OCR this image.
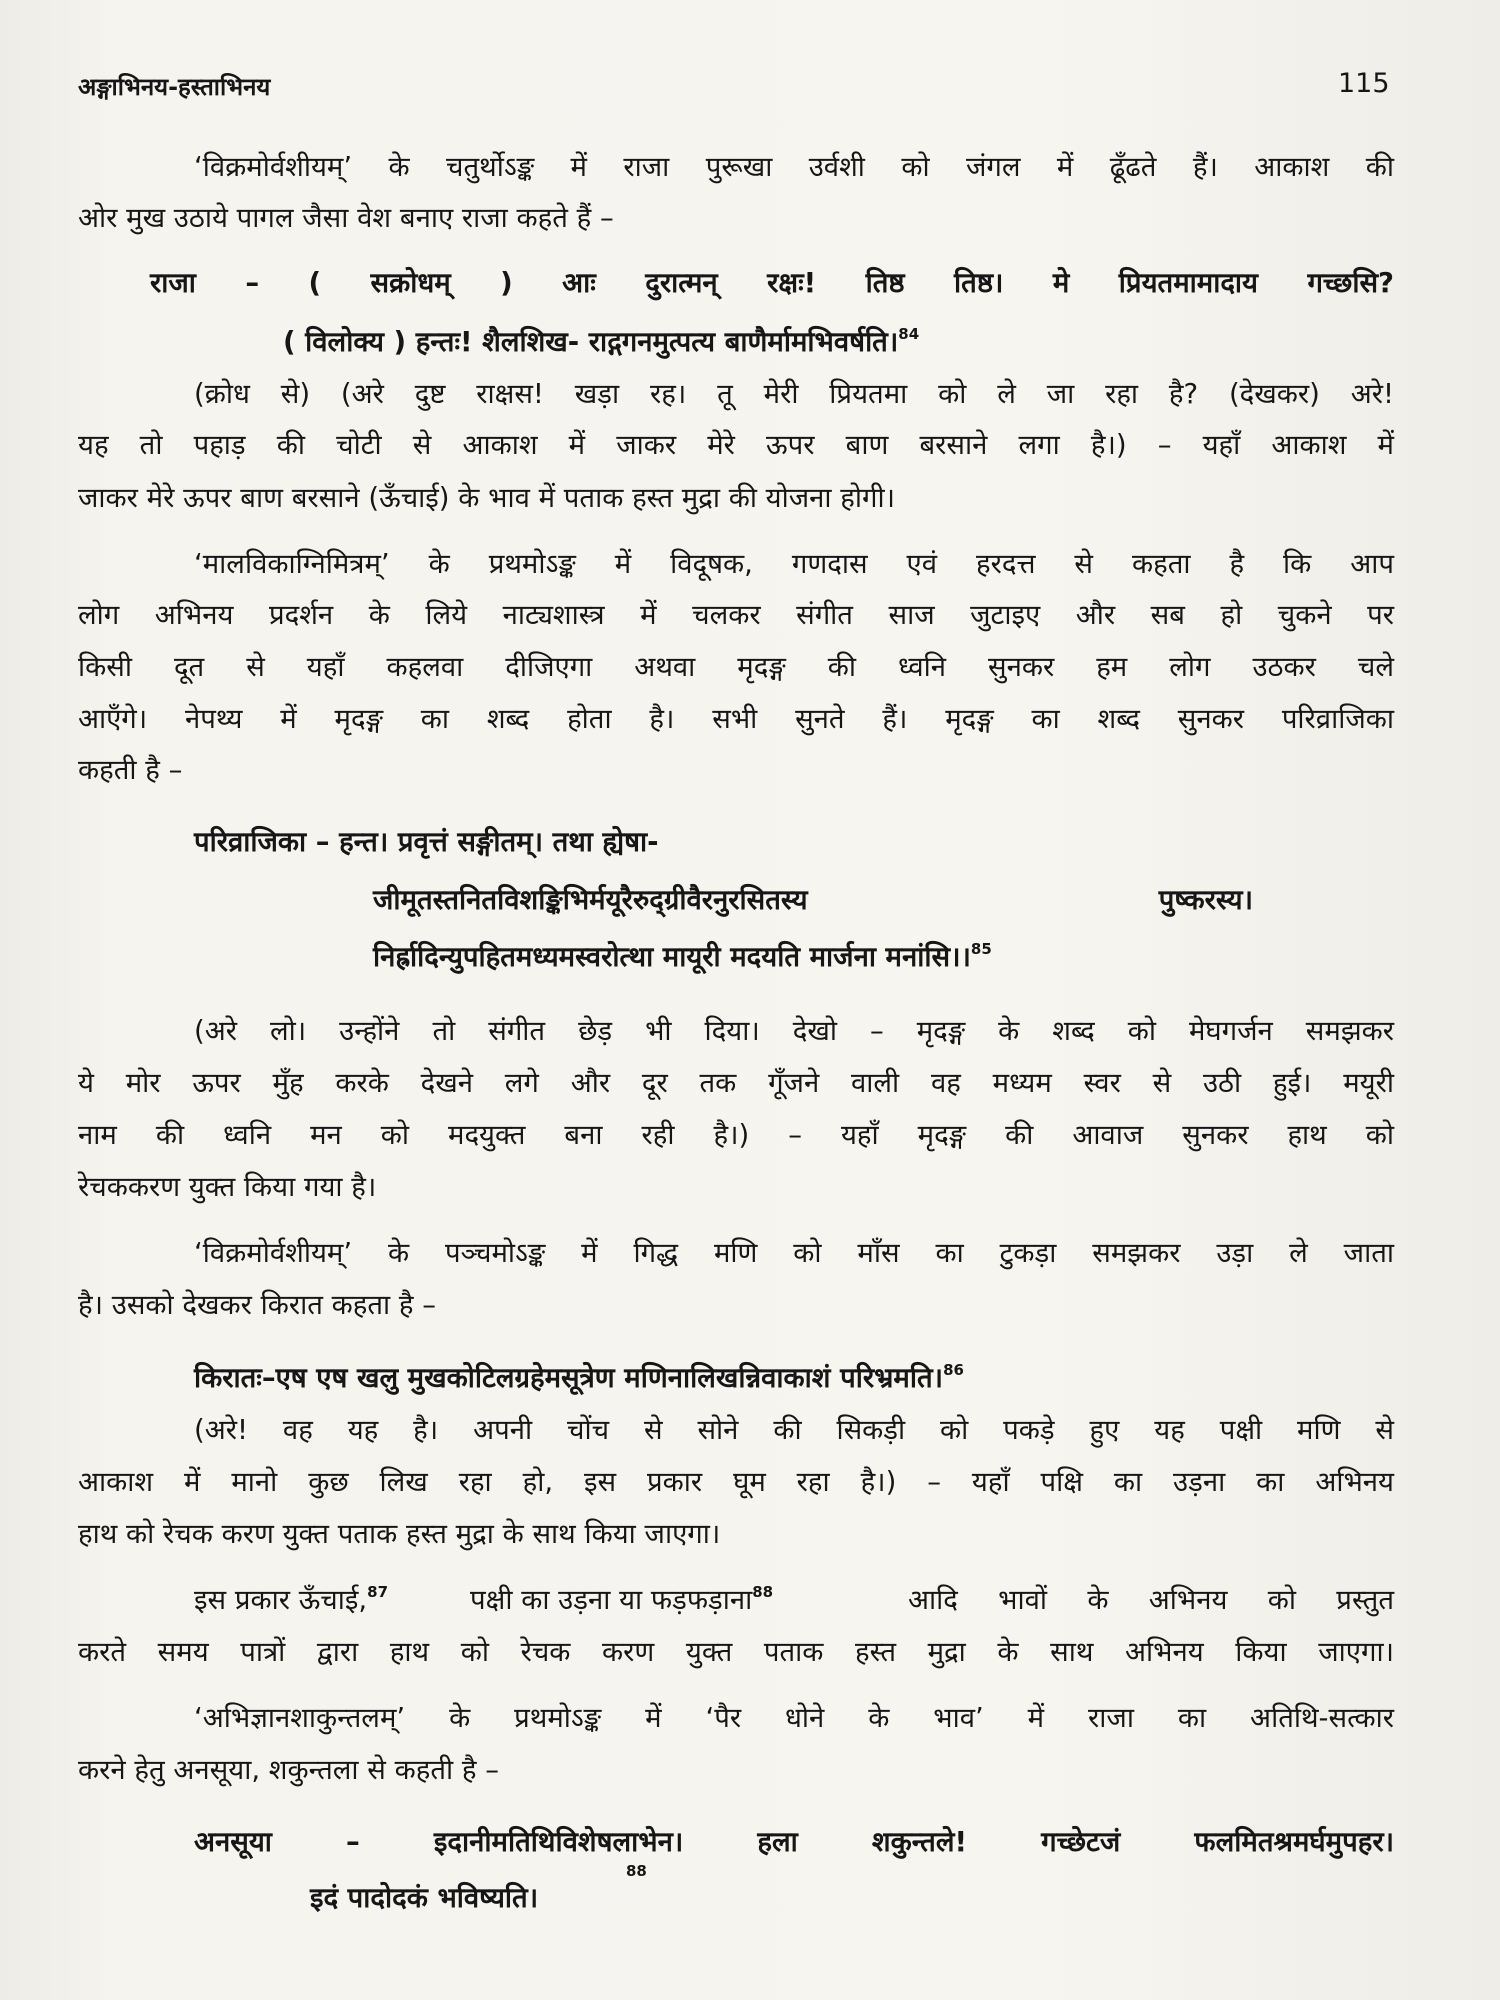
अङ्गाभिनय-हस्ताभिनय	115
‘विक्रमोर्वशीयम्’ के चतुर्थोऽङ्क में राजा पुरूखा उर्वशी को जंगल में ढूँढते हैं। आकाश की
ओर मुख उठाये पागल जैसा वेश बनाए राजा कहते हैं –
राजा – ( सक्रोधम् ) आः दुरात्मन् रक्षः! तिष्ठ तिष्ठ। मे प्रियतमामादाय गच्छसि?
( विलोक्य ) हन्तः! शैलशिख- राद्गगनमुत्पत्य बाणैर्मामभिवर्षति।$^{84}$
(क्रोध से) (अरे दुष्ट राक्षस! खड़ा रह। तू मेरी प्रियतमा को ले जा रहा है? (देखकर) अरे!
यह तो पहाड़ की चोटी से आकाश में जाकर मेरे ऊपर बाण बरसाने लगा है।) – यहाँ आकाश में
जाकर मेरे ऊपर बाण बरसाने (ऊँचाई) के भाव में पताक हस्त मुद्रा की योजना होगी।
‘मालविकाग्निमित्रम्’ के प्रथमोऽङ्क में विदूषक, गणदास एवं हरदत्त से कहता है कि आप
लोग अभिनय प्रदर्शन के लिये नाट्यशास्त्र में चलकर संगीत साज जुटाइए और सब हो चुकने पर
किसी दूत से यहाँ कहलवा दीजिएगा अथवा मृदङ्ग की ध्वनि सुनकर हम लोग उठकर चले
आएँगे। नेपथ्य में मृदङ्ग का शब्द होता है। सभी सुनते हैं। मृदङ्ग का शब्द सुनकर परिव्राजिका
कहती है –
परिव्राजिका – हन्त। प्रवृत्तं सङ्गीतम्। तथा ह्येषा-
जीमूतस्तनितविशङ्किभिर्मयूरैरुद्ग्रीवैरनुरसितस्य पुष्करस्य।
निर्ह्रादिन्युपहितमध्यमस्वरोत्था मायूरी मदयति मार्जना मनांसि।।$^{85}$
(अरे लो। उन्होंने तो संगीत छेड़ भी दिया। देखो – मृदङ्ग के शब्द को मेघगर्जन समझकर
ये मोर ऊपर मुँह करके देखने लगे और दूर तक गूँजने वाली वह मध्यम स्वर से उठी हुई। मयूरी
नाम की ध्वनि मन को मदयुक्त बना रही है।) – यहाँ मृदङ्ग की आवाज सुनकर हाथ को
रेचककरण युक्त किया गया है।
‘विक्रमोर्वशीयम्’ के पञ्चमोऽङ्क में गिद्ध मणि को माँस का टुकड़ा समझकर उड़ा ले जाता
है। उसको देखकर किरात कहता है –
किरातः–एष एष खलु मुखकोटिलग्रहेमसूत्रेण मणिनालिखन्निवाकाशं परिभ्रमति।$^{86}$
(अरे! वह यह है। अपनी चोंच से सोने की सिकड़ी को पकड़े हुए यह पक्षी मणि से
आकाश में मानो कुछ लिख रहा हो, इस प्रकार घूम रहा है।) – यहाँ पक्षि का उड़ना का अभिनय
हाथ को रेचक करण युक्त पताक हस्त मुद्रा के साथ किया जाएगा।
इस प्रकार ऊँचाई,$^{87}$	पक्षी का उड़ना या फड़फड़ाना$^{88}$	आदि भावों के अभिनय को प्रस्तुत
करते समय पात्रों द्वारा हाथ को रेचक करण युक्त पताक हस्त मुद्रा के साथ अभिनय किया जाएगा।
‘अभिज्ञानशाकुन्तलम्’ के प्रथमोऽङ्क में ‘पैर धोने के भाव’ में राजा का अतिथि-सत्कार
करने हेतु अनसूया, शकुन्तला से कहती है –
अनसूया – इदानीमतिथिविशेषलाभेन। हला शकुन्तले! गच्छेटजं फलमितश्रमर्घमुपहर।
इदं पादोदकं भविष्यति।
88
